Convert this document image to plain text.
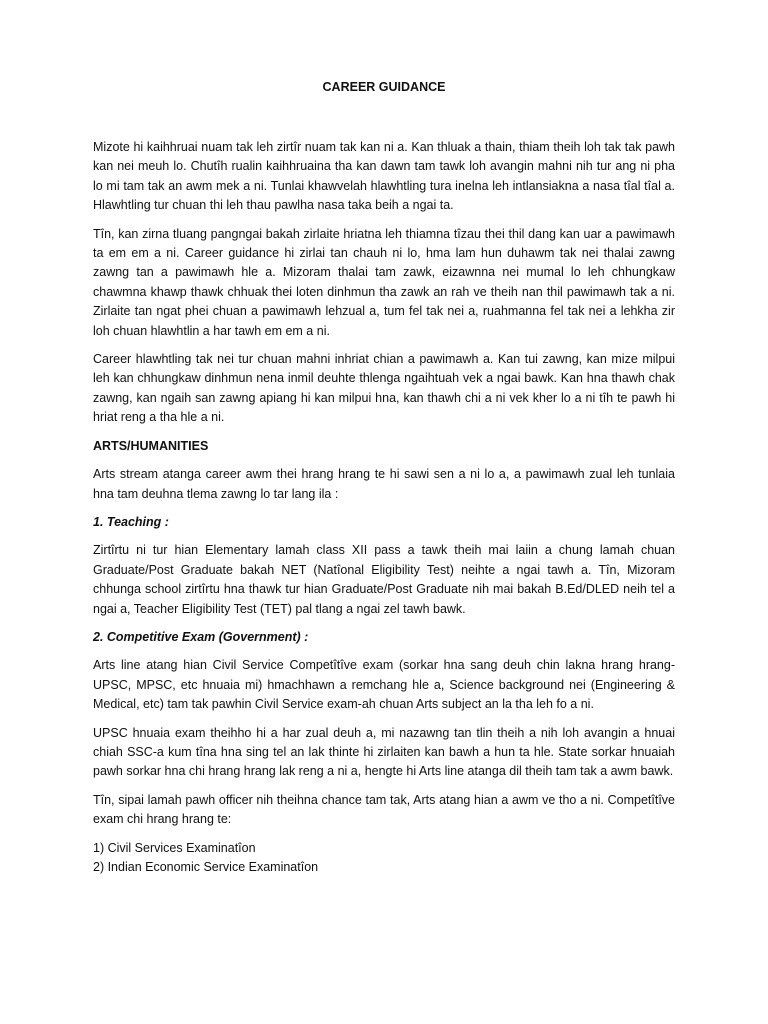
CAREER GUIDANCE

Mizote hi kaihhruai nuam tak leh zirtîr nuam tak kan ni a. Kan thluak a thain, thiam theih loh tak tak pawh kan nei meuh lo. Chutîh rualin kaihhruaina tha kan dawn tam tawk loh avangin mahni nih tur ang ni pha lo mi tam tak an awm mek a ni. Tunlai khawvelah hlawhtling tura inelna leh intlansiakna a nasa tîal tîal a. Hlawhtling tur chuan thi leh thau pawlha nasa taka beih a ngai ta.

Tîn, kan zirna tluang pangngai bakah zirlaite hriatna leh thiamna tîzau thei thil dang kan uar a pawimawh ta em em a ni. Career guidance hi zirlai tan chauh ni lo, hma lam hun duhawm tak nei thalai zawng zawng tan a pawimawh hle a. Mizoram thalai tam zawk, eizawnna nei mumal lo leh chhungkaw chawmna khawp thawk chhuak thei loten dinhmun tha zawk an rah ve theih nan thil pawimawh tak a ni. Zirlaite tan ngat phei chuan a pawimawh lehzual a, tum fel tak nei a, ruahmanna fel tak nei a lehkha zir loh chuan hlawhtlin a har tawh em em a ni.

Career hlawhtling tak nei tur chuan mahni inhriat chian a pawimawh a. Kan tui zawng, kan mize milpui leh kan chhungkaw dinhmun nena inmil deuhte thlenga ngaihtuah vek a ngai bawk. Kan hna thawh chak zawng, kan ngaih san zawng apiang hi kan milpui hna, kan thawh chi a ni vek kher lo a ni tîh te pawh hi hriat reng a tha hle a ni.

ARTS/HUMANITIES

Arts stream atanga career awm thei hrang hrang te hi sawi sen a ni lo a, a pawimawh zual leh tunlaia hna tam deuhna tlema zawng lo tar lang ila :

1. Teaching :

Zirtîrtu ni tur hian Elementary lamah class XII pass a tawk theih mai laiin a chung lamah chuan Graduate/Post Graduate bakah NET (Natîonal Eligibility Test) neihte a ngai tawh a. Tîn, Mizoram chhunga school zirtîrtu hna thawk tur hian Graduate/Post Graduate nih mai bakah B.Ed/DLED neih tel a ngai a, Teacher Eligibility Test (TET) pal tlang a ngai zel tawh bawk.

2. Competitive Exam (Government) :

Arts line atang hian Civil Service Competîtîve exam (sorkar hna sang deuh chin lakna hrang hrang-UPSC, MPSC, etc hnuaia mi) hmachhawn a remchang hle a, Science background nei (Engineering & Medical, etc) tam tak pawhin Civil Service exam-ah chuan Arts subject an la tha leh fo a ni.

UPSC hnuaia exam theihho hi a har zual deuh a, mi nazawng tan tlin theih a nih loh avangin a hnuai chiah SSC-a kum tîna hna sing tel an lak thinte hi zirlaiten kan bawh a hun ta hle. State sorkar hnuaiah pawh sorkar hna chi hrang hrang lak reng a ni a, hengte hi Arts line atanga dil theih tam tak a awm bawk.

Tîn, sipai lamah pawh officer nih theihna chance tam tak, Arts atang hian a awm ve tho a ni. Competîtîve exam chi hrang hrang te:

1) Civil Services Examinatîon

2) Indian Economic Service Examinatîon
